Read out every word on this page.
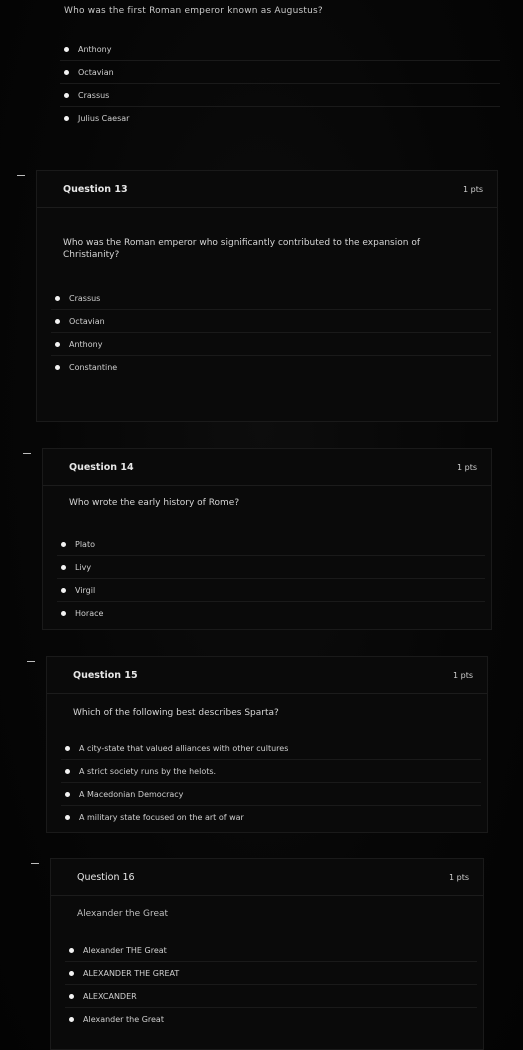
Who was the first Roman emperor known as Augustus?
Anthony
Octavian
Crassus
Julius Caesar
Question 13	1 pts
Who was the Roman emperor who significantly contributed to the expansion of Christianity?
Crassus
Octavian
Anthony
Constantine
Question 14	1 pts
Who wrote the early history of Rome?
Plato
Livy
Virgil
Horace
Question 15	1 pts
Which of the following best describes Sparta?
A city-state that valued alliances with other cultures
A strict society runs by the helots.
A Macedonian Democracy
A military state focused on the art of war
Question 16	1 pts
Alexander the Great
Alexander THE Great
ALEXANDER THE GREAT
ALEXCANDER
Alexander the Great
